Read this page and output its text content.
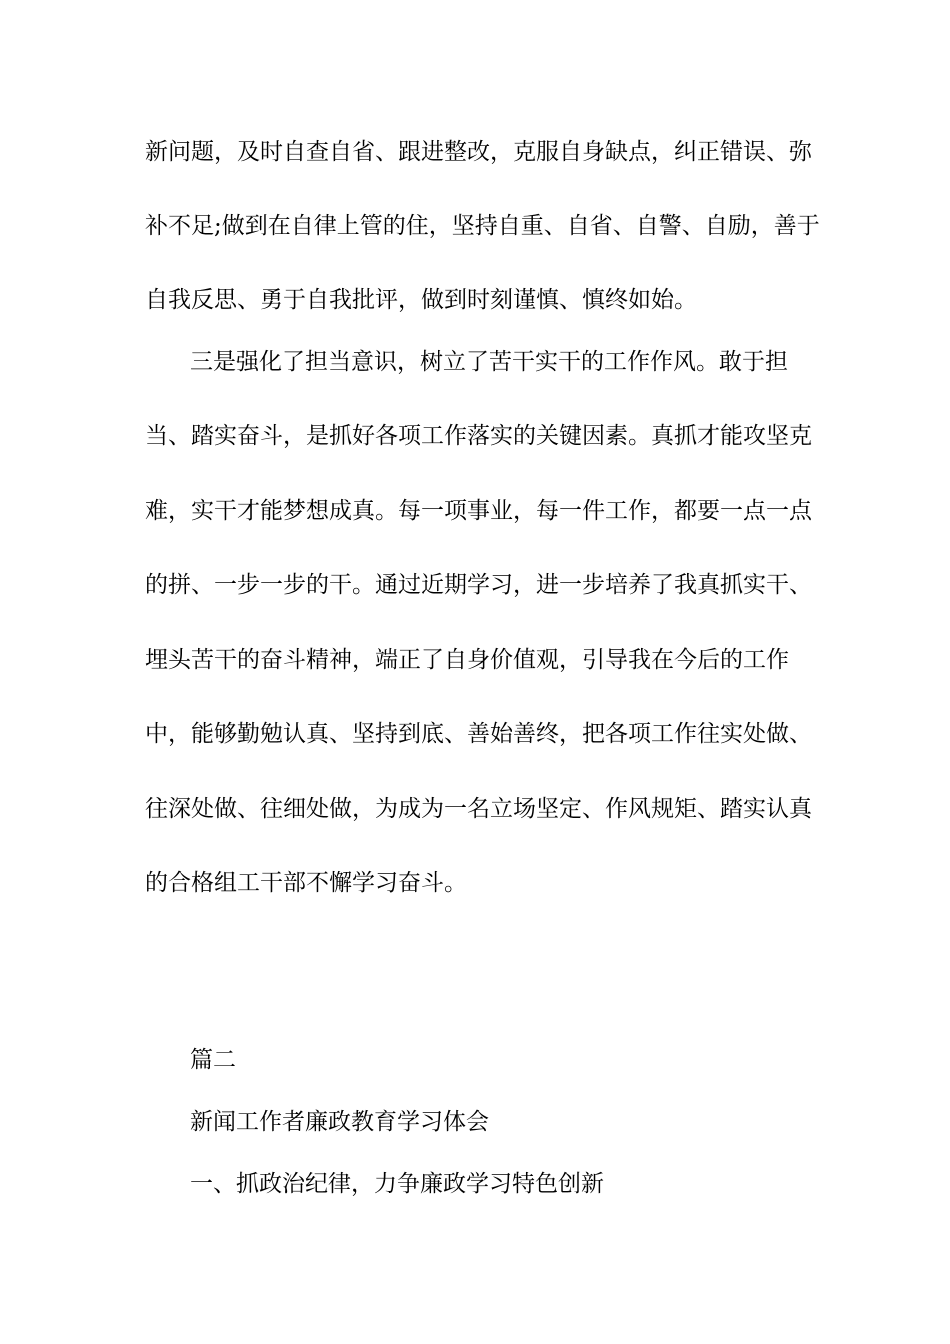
新问题，及时自查自省、跟进整改，克服自身缺点，纠正错误、弥
补不足;做到在自律上管的住，坚持自重、自省、自警、自励，善于
自我反思、勇于自我批评，做到时刻谨慎、慎终如始。
三是强化了担当意识，树立了苦干实干的工作作风。敢于担
当、踏实奋斗，是抓好各项工作落实的关键因素。真抓才能攻坚克
难，实干才能梦想成真。每一项事业，每一件工作，都要一点一点
的拼、一步一步的干。通过近期学习，进一步培养了我真抓实干、
埋头苦干的奋斗精神，端正了自身价值观，引导我在今后的工作
中，能够勤勉认真、坚持到底、善始善终，把各项工作往实处做、
往深处做、往细处做，为成为一名立场坚定、作风规矩、踏实认真
的合格组工干部不懈学习奋斗。
篇二
新闻工作者廉政教育学习体会
一、抓政治纪律，力争廉政学习特色创新
